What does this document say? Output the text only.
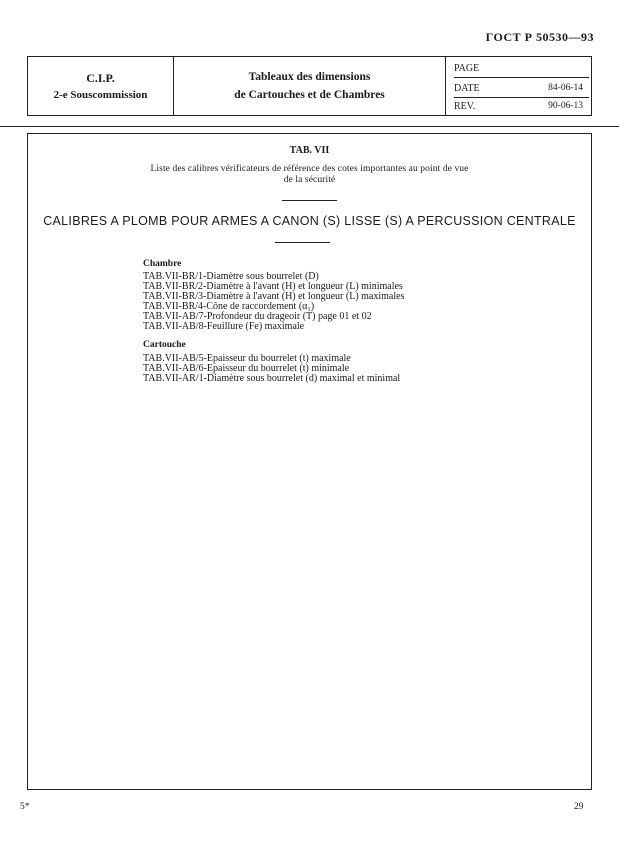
ГОСТ Р 50530—93
C.I.P.
2-e Souscommission
Tableaux des dimensions
de Cartouches et de Chambres
PAGE
DATE	84-06-14
REV.	90-06-13
TAB. VII
Liste des calibres vérificateurs de référence des cotes importantes au point de vue
de la sécurité
CALIBRES A PLOMB POUR ARMES A CANON (S) LISSE (S) A PERCUSSION CENTRALE
Chambre
TAB.VII-BR/1-Diamètre sous bourrelet (D)
TAB.VII-BR/2-Diamètre à l'avant (H) et longueur (L) minimales
TAB.VII-BR/3-Diamètre à l'avant (H) et longueur (L) maximales
TAB.VII-BR/4-Cône de raccordement (α₁)
TAB.VII-AB/7-Profondeur du drageoir (T) page 01 et 02
TAB.VII-AB/8-Feuillure (Fe) maximale
Cartouche
TAB.VII-AB/5-Epaisseur du bourrelet (t) maximale
TAB.VII-AB/6-Epaisseur du bourrelet (t) minimale
TAB.VII-AR/1-Diamètre sous bourrelet (d) maximal et minimal
5*	29
